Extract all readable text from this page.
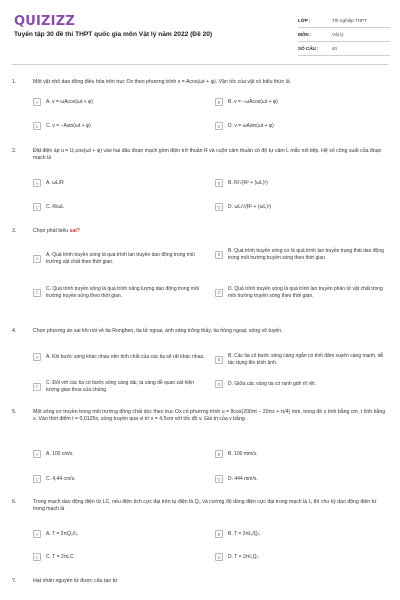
QUIZIZZ
Tuyển tập 30 đề thi THPT quốc gia môn Vật lý năm 2022 (Đề 20)
LỚP :	Tốt nghiệp THPT
MÔN :	Vật lý
SỐ CÂU :	40
1.	Một vật nhỏ dao động điều hòa trên trục Ox theo phương trình x = Acos(ωt + φ). Vận tốc của vật có biểu thức là
A	A. v = ωAcos(ωt + φ)	B	B. v = −ωAcos(ωt + φ)
C	C. v = −Asin(ωt + φ)	D	D. v = ωAsin(ωt + φ)
2.	Đặt điện áp u = U₀cos(ωt + φ) vào hai đầu đoạn mạch gồm điện trở thuần R và cuộn cảm thuần có độ tự cảm L mắc nối tiếp. Hệ số công suất của đoạn mạch là
A	A. ωL/R	B	B. R/√(R² + (ωL)²)
C	C. R/ωL	D	D. ωL/√(R² + (ωL)²)
3.	Chọn phát biểu sai?
A
A. Quá trình truyền sóng là quá trình lan truyền dao động trong môi trường vật chất theo thời gian.
B
B. Quá trình truyền sóng cơ là quá trình lan truyền trạng thái dao động trong môi trường truyền sóng theo thời gian.
C
C. Quá trình truyền sóng là quá trình năng lượng dao động trong môi trường truyền sóng theo thời gian.	D
D. Quá trình truyền sóng là quá trình lan truyền phần tử vật chất trong môi trường truyền sóng theo thời gian.
4.	Chọn phương án sai khi nói về tia Ronghen, tia tử ngoại, ánh sáng trông thấy, tia hồng ngoại, sóng vô tuyến.
A	A. Khi bước sóng khác nhau nên tính chất của các tia sẽ rất khác nhau.	B
B. Các tia có bước sóng càng ngắn có tính đâm xuyên càng mạnh, dễ tác dụng lên kính ảnh.
C
C. Đối với các tia có bước sóng càng dài, ta càng dễ quan sát hiện tượng giao thoa của chúng.
D	D. Giữa các vùng tia có ranh giới rõ rệt.
5.	Một sóng cơ truyền trong môi trường đồng chất dọc theo trục Ox có phương trình u = 8cos(200πt − 20πx + π/4) mm, trong đó x tính bằng cm, t tính bằng s. Vào thời điểm t = 0,0125s, sóng truyền qua vị trí x = 4,5cm với tốc độ v. Giá trị của v bằng
A	A. 100 cm/s.	B	B. 100 mm/s.
C	C. 4,44 cm/s.	D	D. 444 mm/s.
6.	Trong mạch dao động điện từ LC, nếu điện tích cực đại trên tụ điện là Q₀ và cường độ dòng điện cực đại trong mạch là I₀ thì chu kỳ dao động điện từ trong mạch là
A	A. T = 2πQ₀/I₀	B	B. T = 2πI₀/Q₀
C	C. T = 2πLC	D	D. T = 2πI₀Q₀
7.	Hạt nhân nguyên tử được cấu tạo từ
